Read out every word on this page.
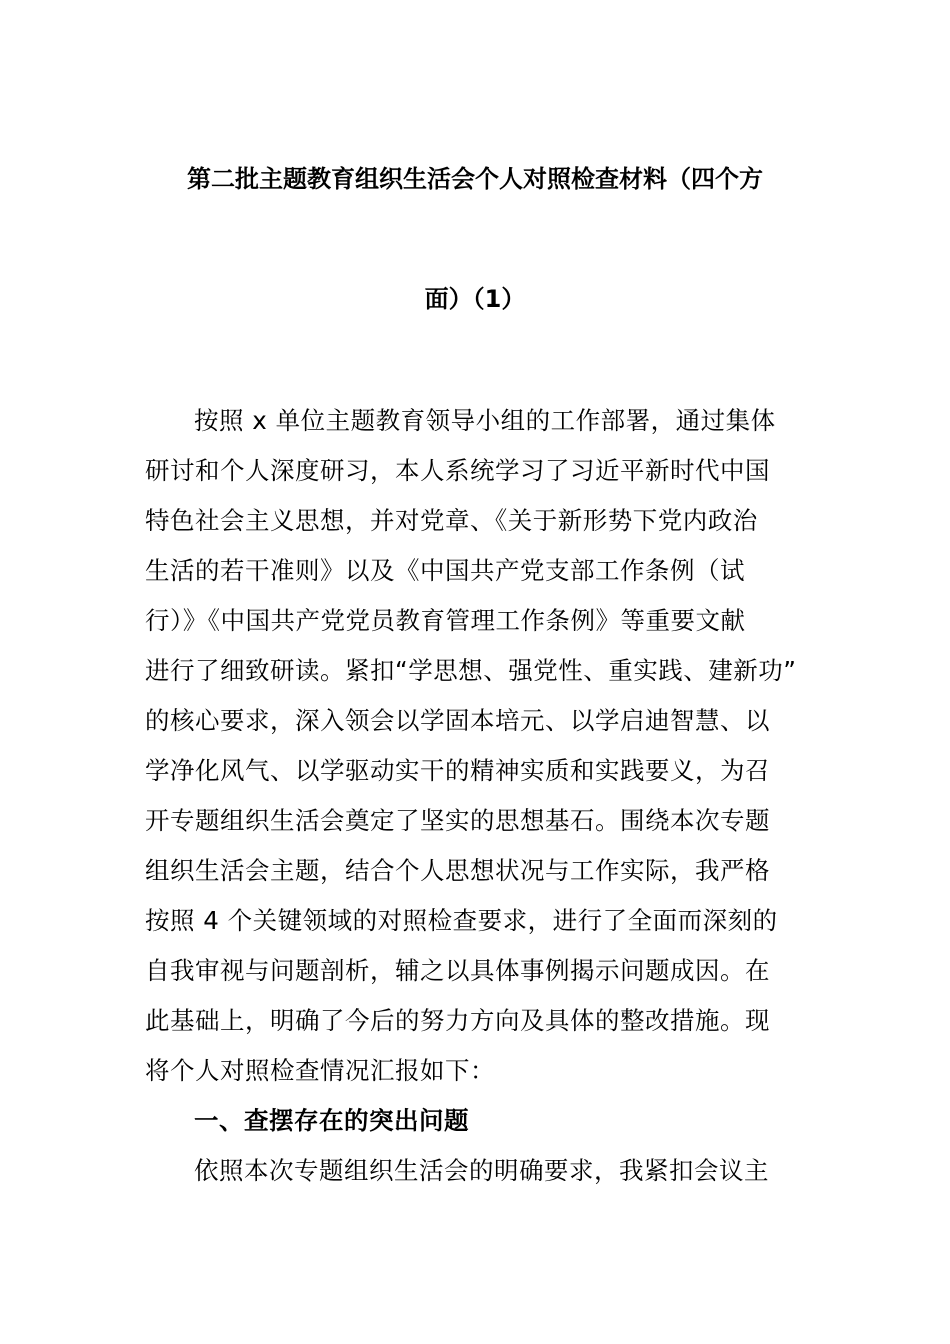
第二批主题教育组织生活会个人对照检查材料（四个方
面）（1）
按照 x 单位主题教育领导小组的工作部署，通过集体
研讨和个人深度研习，本人系统学习了习近平新时代中国
特色社会主义思想，并对党章、《关于新形势下党内政治
生活的若干准则》以及《中国共产党支部工作条例（试
行）》《中国共产党党员教育管理工作条例》等重要文献
进行了细致研读。紧扣“学思想、强党性、重实践、建新功”
的核心要求，深入领会以学固本培元、以学启迪智慧、以
学净化风气、以学驱动实干的精神实质和实践要义，为召
开专题组织生活会奠定了坚实的思想基石。围绕本次专题
组织生活会主题，结合个人思想状况与工作实际，我严格
按照 4 个关键领域的对照检查要求，进行了全面而深刻的
自我审视与问题剖析，辅之以具体事例揭示问题成因。在
此基础上，明确了今后的努力方向及具体的整改措施。现
将个人对照检查情况汇报如下：
一、查摆存在的突出问题
依照本次专题组织生活会的明确要求，我紧扣会议主
